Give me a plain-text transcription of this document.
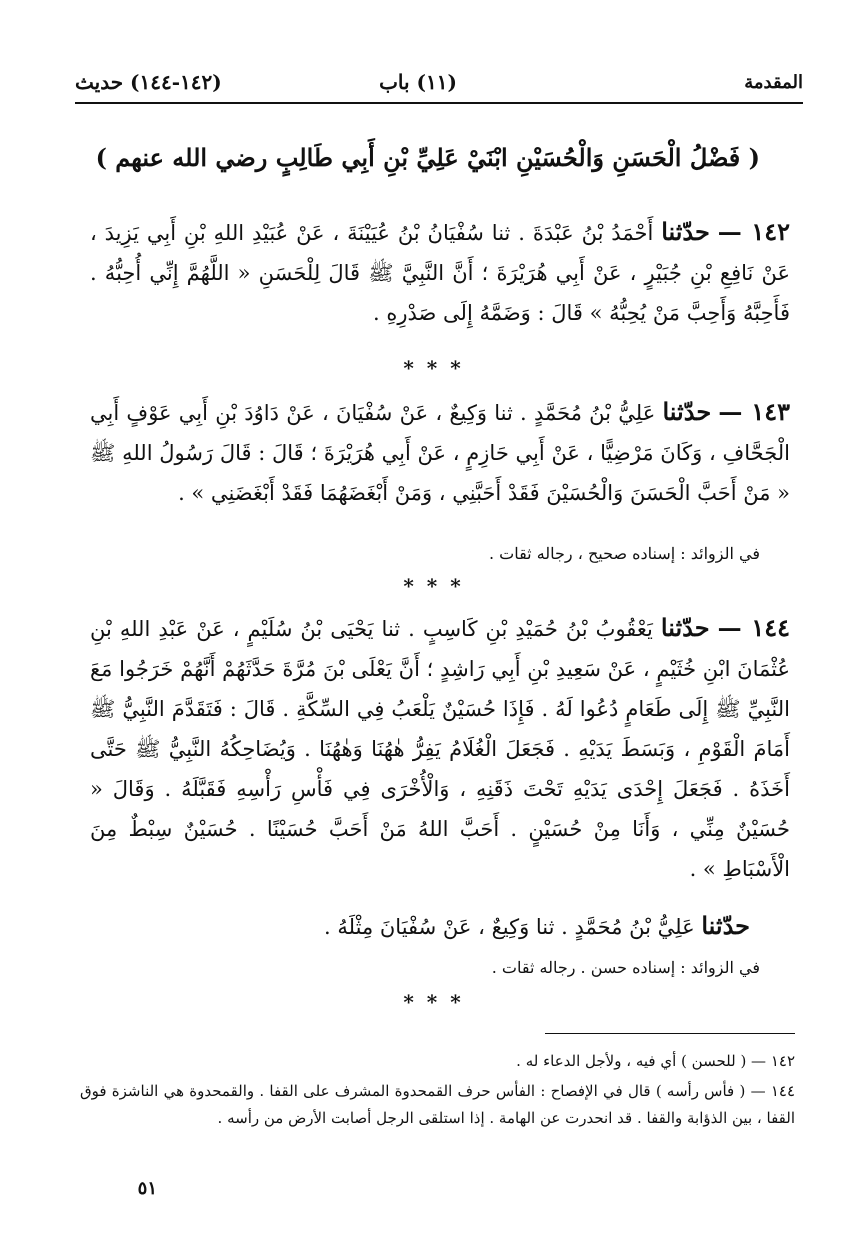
المقدمة
(١١) باب
(١٤٢-١٤٤) حديث
( فَضْلُ الْحَسَنِ وَالْحُسَيْنِ ابْنَيْ عَلِيِّ بْنِ أَبِي طَالِبٍ رضي الله عنهم )
١٤٢ — حدّثنا أَحْمَدُ بْنُ عَبْدَةَ . ثنا سُفْيَانُ بْنُ عُيَيْنَةَ ، عَنْ عُبَيْدِ اللهِ بْنِ أَبِي يَزِيدَ ، عَنْ نَافِعِ بْنِ جُبَيْرٍ ، عَنْ أَبِي هُرَيْرَةَ ؛ أَنَّ النَّبِيَّ ﷺ قَالَ لِلْحَسَنِ « اللَّهُمَّ إِنِّي أُحِبُّهُ . فَأَحِبَّهُ وَأَحِبَّ مَنْ يُحِبُّهُ » قَالَ : وَضَمَّهُ إِلَى صَدْرِهِ .
* * *
١٤٣ — حدّثنا عَلِيُّ بْنُ مُحَمَّدٍ . ثنا وَكِيعٌ ، عَنْ سُفْيَانَ ، عَنْ دَاوُدَ بْنِ أَبِي عَوْفٍ أَبِي الْجَحَّافِ ، وَكَانَ مَرْضِيًّا ، عَنْ أَبِي حَازِمٍ ، عَنْ أَبِي هُرَيْرَةَ ؛ قَالَ : قَالَ رَسُولُ اللهِ ﷺ « مَنْ أَحَبَّ الْحَسَنَ وَالْحُسَيْنَ فَقَدْ أَحَبَّنِي ، وَمَنْ أَبْغَضَهُمَا فَقَدْ أَبْغَضَنِي » .
في الزوائد : إسناده صحيح ، رجاله ثقات .
* * *
١٤٤ — حدّثنا يَعْقُوبُ بْنُ حُمَيْدِ بْنِ كَاسِبٍ . ثنا يَحْيَى بْنُ سُلَيْمٍ ، عَنْ عَبْدِ اللهِ بْنِ عُثْمَانَ ابْنِ خُثَيْمٍ ، عَنْ سَعِيدِ بْنِ أَبِي رَاشِدٍ ؛ أَنَّ يَعْلَى بْنَ مُرَّةَ حَدَّثَهُمْ أَنَّهُمْ خَرَجُوا مَعَ النَّبِيِّ ﷺ إِلَى طَعَامٍ دُعُوا لَهُ . فَإِذَا حُسَيْنٌ يَلْعَبُ فِي السِّكَّةِ . قَالَ : فَتَقَدَّمَ النَّبِيُّ ﷺ أَمَامَ الْقَوْمِ ، وَبَسَطَ يَدَيْهِ . فَجَعَلَ الْغُلَامُ يَفِرُّ هٰهُنَا وَهٰهُنَا . وَيُضَاحِكُهُ النَّبِيُّ ﷺ حَتَّى أَخَذَهُ . فَجَعَلَ إِحْدَى يَدَيْهِ تَحْتَ ذَقَنِهِ ، وَالْأُخْرَى فِي فَأْسِ رَأْسِهِ فَقَبَّلَهُ . وَقَالَ « حُسَيْنٌ مِنِّي ، وَأَنَا مِنْ حُسَيْنٍ . أَحَبَّ اللهُ مَنْ أَحَبَّ حُسَيْنًا . حُسَيْنٌ سِبْطٌ مِنَ الْأَسْبَاطِ » .
حدّثنا عَلِيُّ بْنُ مُحَمَّدٍ . ثنا وَكِيعٌ ، عَنْ سُفْيَانَ مِثْلَهُ .
في الزوائد : إسناده حسن . رجاله ثقات .
* * *
١٤٢ — ( للحسن ) أي فيه ، ولأجل الدعاء له .
١٤٤ — ( فأس رأسه ) قال في الإفصاح : الفأس حرف القمحدوة المشرف على القفا . والقمحدوة هي الناشزة فوق القفا ، بين الذؤابة والقفا . قد انحدرت عن الهامة . إذا استلقى الرجل أصابت الأرض من رأسه .
٥١
